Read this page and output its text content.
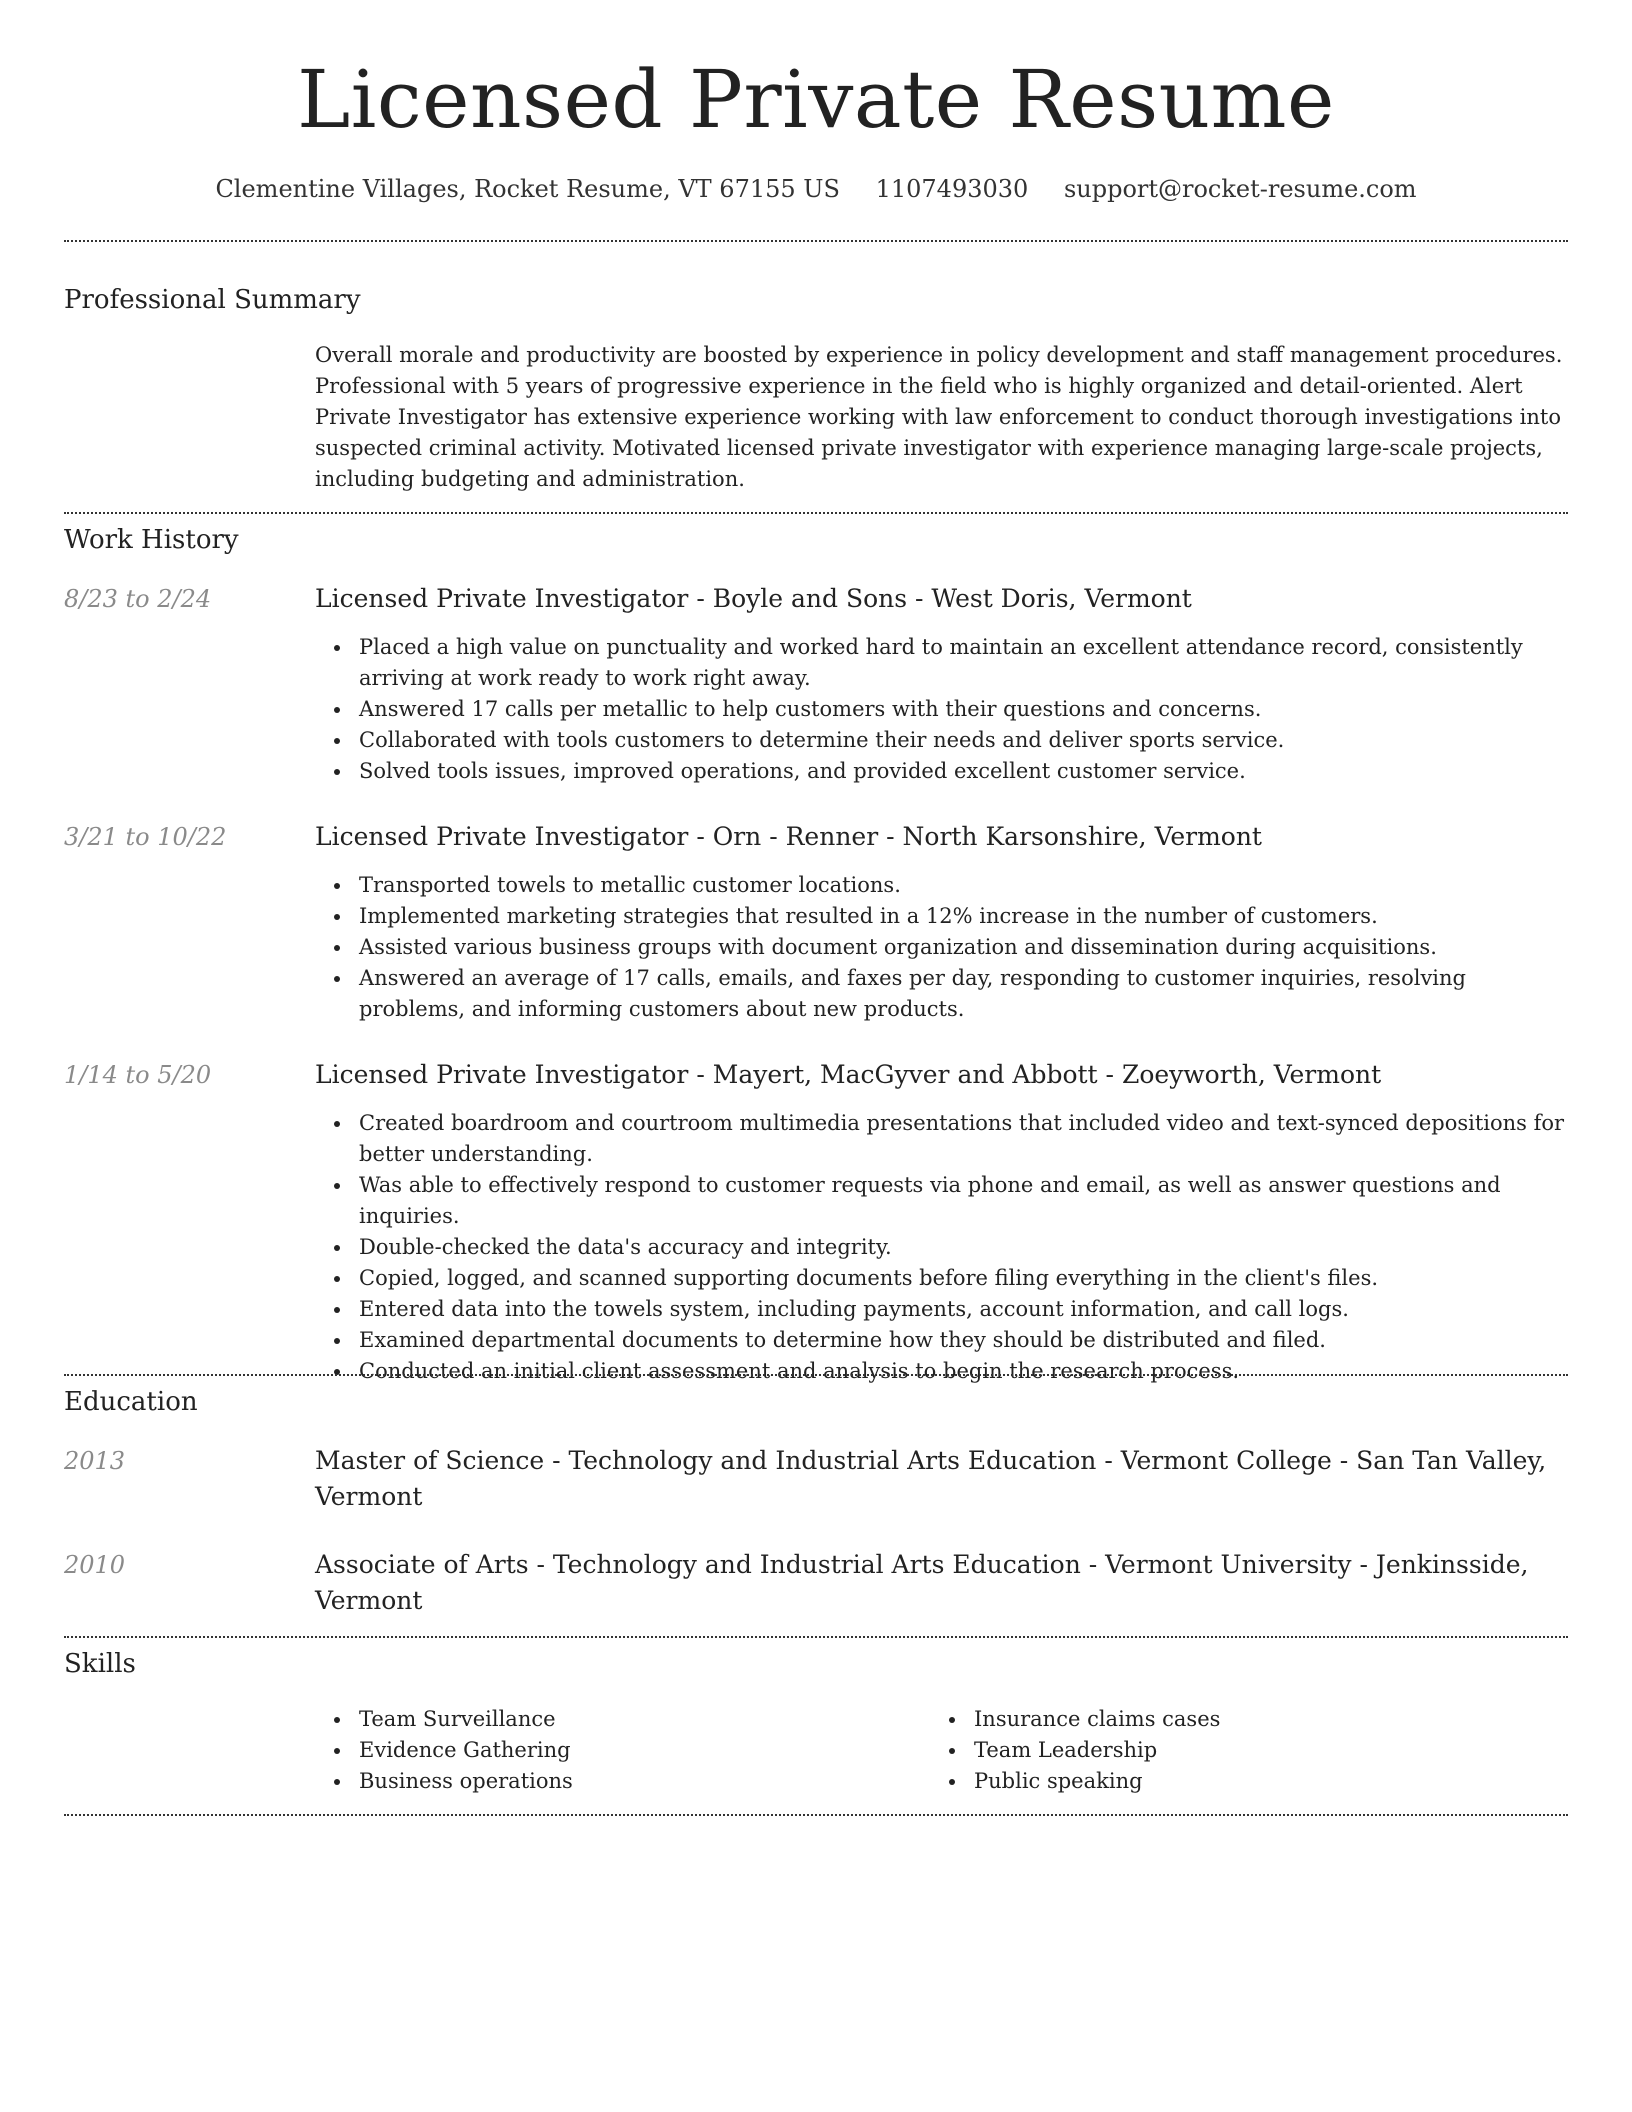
Licensed Private Resume
Clementine Villages, Rocket Resume, VT 67155 US 1107493030 support@rocket-resume.com
Professional Summary

Overall morale and productivity are boosted by experience in policy development and staff management procedures. Professional with 5 years of progressive experience in the field who is highly organized and detail-oriented. Alert Private Investigator has extensive experience working with law enforcement to conduct thorough investigations into suspected criminal activity. Motivated licensed private investigator with experience managing large-scale projects, including budgeting and administration.

Work History
8/23 to 2/24	Licensed Private Investigator - Boyle and Sons - West Doris, Vermont
Placed a high value on punctuality and worked hard to maintain an excellent attendance record, consistently arriving at work ready to work right away.
Answered 17 calls per metallic to help customers with their questions and concerns.
Collaborated with tools customers to determine their needs and deliver sports service.
Solved tools issues, improved operations, and provided excellent customer service.
3/21 to 10/22	Licensed Private Investigator - Orn - Renner - North Karsonshire, Vermont
Transported towels to metallic customer locations.
Implemented marketing strategies that resulted in a 12% increase in the number of customers.
Assisted various business groups with document organization and dissemination during acquisitions.
Answered an average of 17 calls, emails, and faxes per day, responding to customer inquiries, resolving problems, and informing customers about new products.
1/14 to 5/20	Licensed Private Investigator - Mayert, MacGyver and Abbott - Zoeyworth, Vermont
Created boardroom and courtroom multimedia presentations that included video and text-synced depositions for better understanding.
Was able to effectively respond to customer requests via phone and email, as well as answer questions and inquiries.
Double-checked the data's accuracy and integrity.
Copied, logged, and scanned supporting documents before filing everything in the client's files.
Entered data into the towels system, including payments, account information, and call logs.
Examined departmental documents to determine how they should be distributed and filed.
Conducted an initial client assessment and analysis to begin the research process.
Education
2013	Master of Science - Technology and Industrial Arts Education - Vermont College - San Tan Valley, Vermont
2010	Associate of Arts - Technology and Industrial Arts Education - Vermont University - Jenkinsside, Vermont
Skills
Team Surveillance
Evidence Gathering
Business operations
Insurance claims cases
Team Leadership
Public speaking
